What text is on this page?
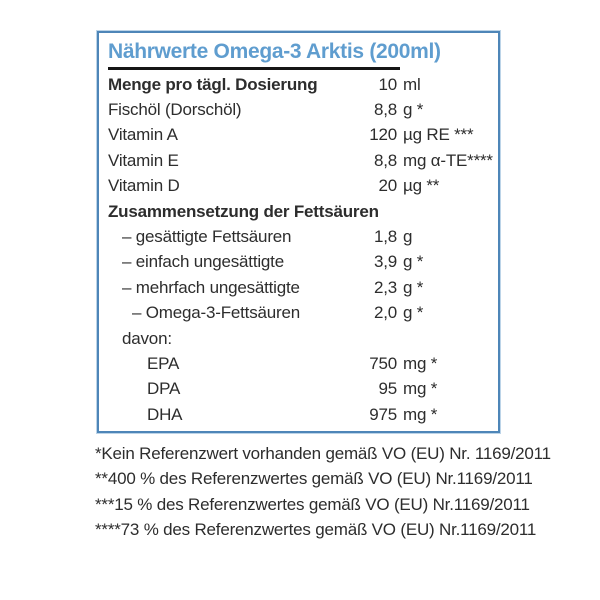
Nährwerte Omega-3 Arktis (200ml)
Menge pro tägl. Dosierung	10 ml
Fischöl (Dorschöl)	8,8 g *
Vitamin A	120 µg RE ***
Vitamin E	8,8 mg α-TE****
Vitamin D	20 µg **
Zusammensetzung der Fettsäuren
– gesättigte Fettsäuren	1,8 g
– einfach ungesättigte	3,9 g *
– mehrfach ungesättigte	2,3 g *
– Omega-3-Fettsäuren	2,0 g *
davon:
EPA	750 mg *
DPA	95 mg *
DHA	975 mg *
*Kein Referenzwert vorhanden gemäß VO (EU) Nr. 1169/2011
**400 % des Referenzwertes gemäß VO (EU) Nr.1169/2011
***15 % des Referenzwertes gemäß VO (EU) Nr.1169/2011
****73 % des Referenzwertes gemäß VO (EU) Nr.1169/2011
